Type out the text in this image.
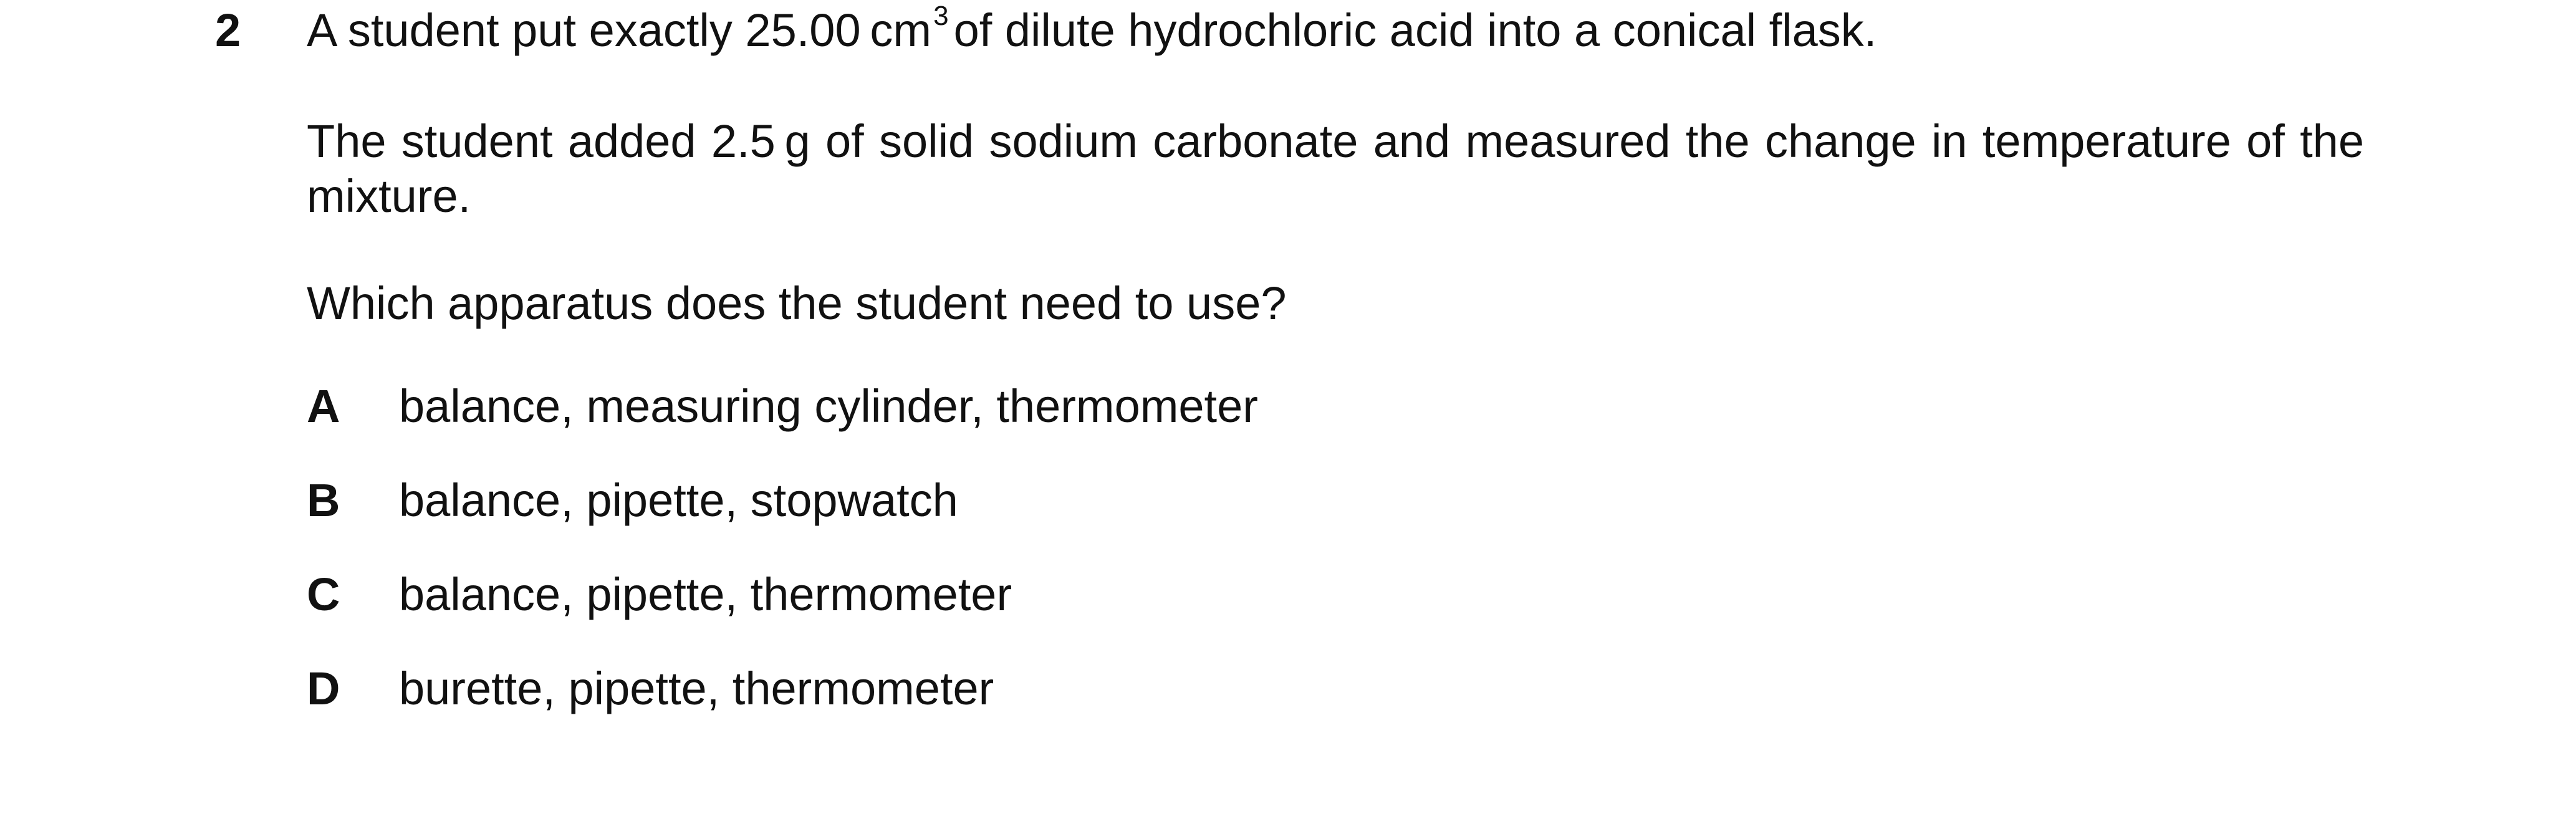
2 A student put exactly 25.00 $cm^3$ of dilute hydrochloric acid into a conical flask.
The student added 2.5 g of solid sodium carbonate and measured the change in temperature of the mixture.
Which apparatus does the student need to use?
A balance, measuring cylinder, thermometer
B balance, pipette, stopwatch
C balance, pipette, thermometer
D burette, pipette, thermometer
